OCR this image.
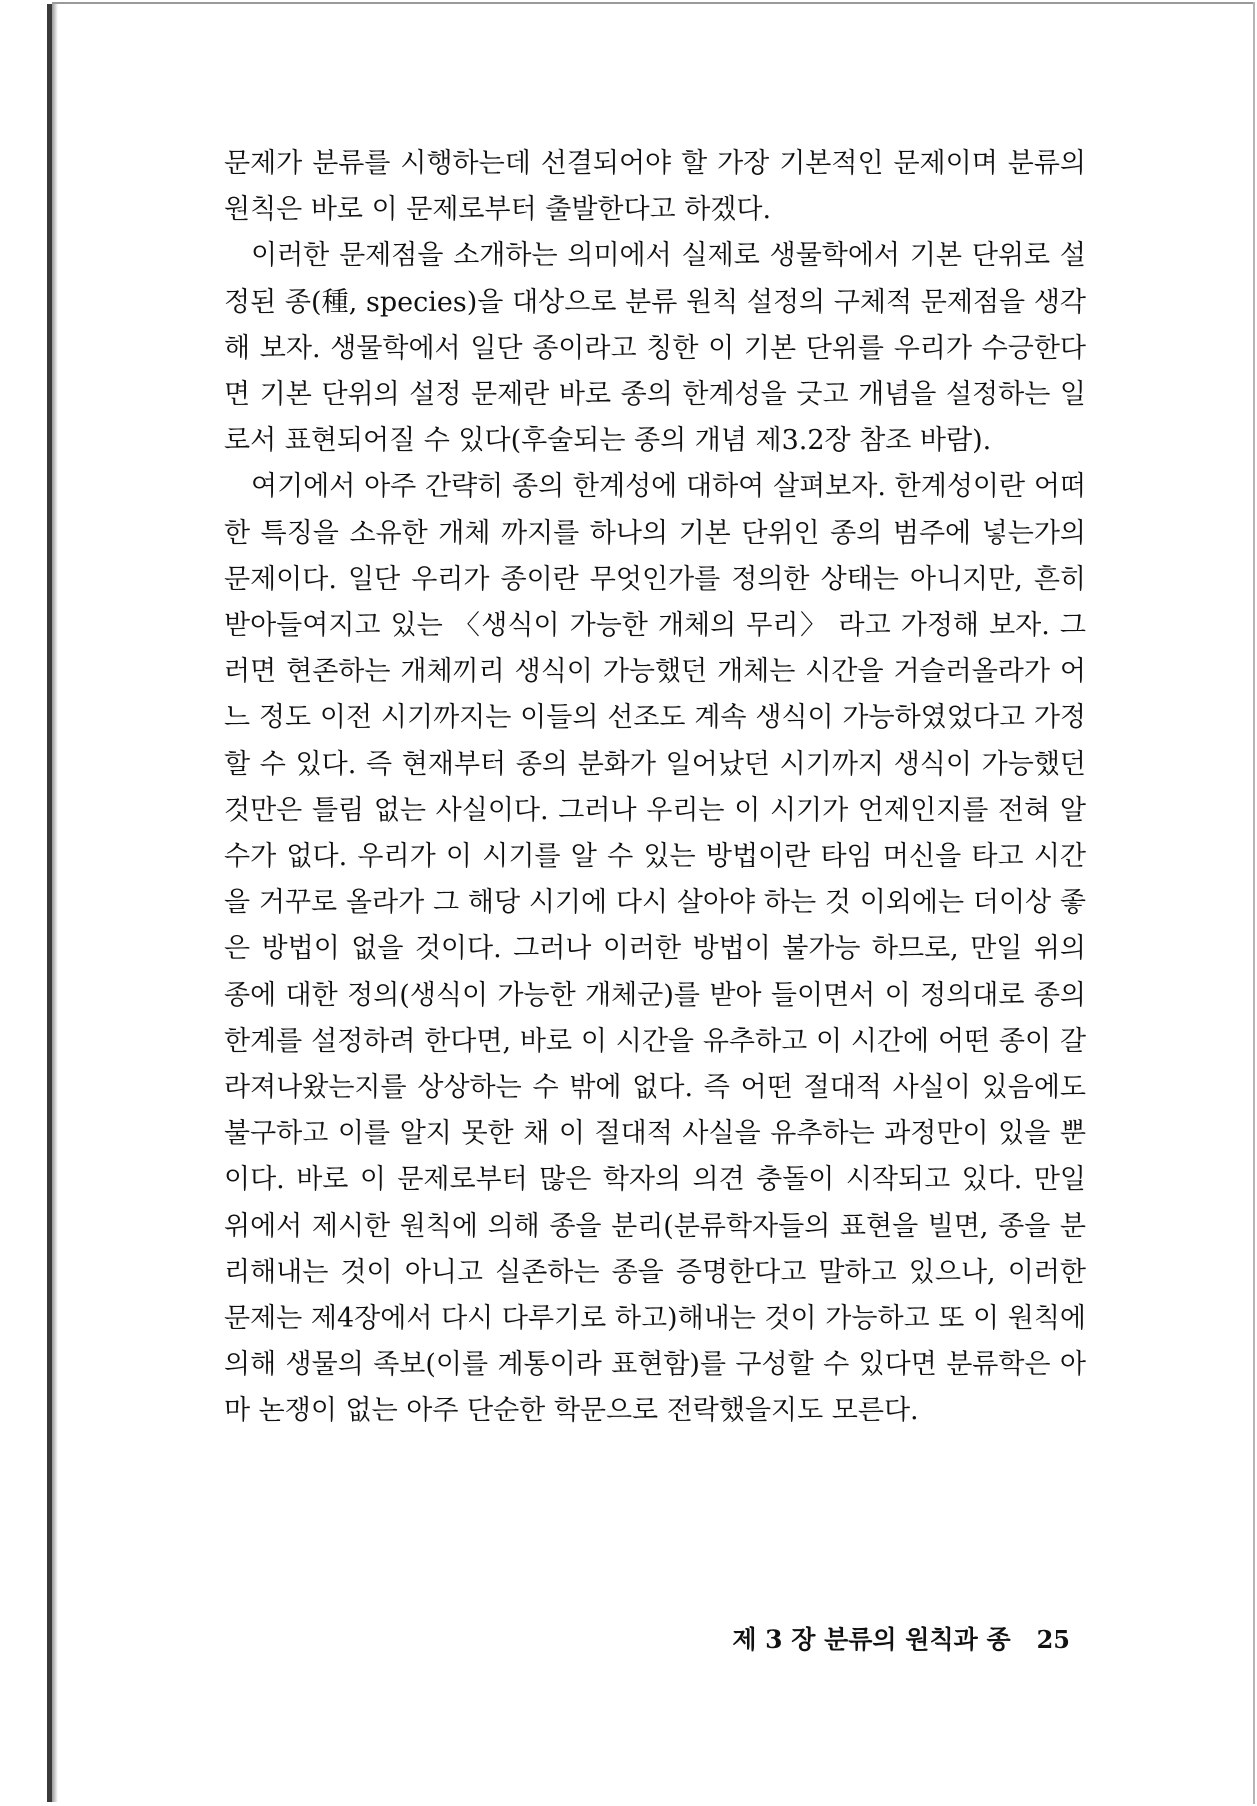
문제가 분류를 시행하는데 선결되어야 할 가장 기본적인 문제이며 분류의 원칙은 바로 이 문제로부터 출발한다고 하겠다.

이러한 문제점을 소개하는 의미에서 실제로 생물학에서 기본 단위로 설정된 종(種, species)을 대상으로 분류 원칙 설정의 구체적 문제점을 생각해 보자. 생물학에서 일단 종이라고 칭한 이 기본 단위를 우리가 수긍한다면 기본 단위의 설정 문제란 바로 종의 한계성을 긋고 개념을 설정하는 일로서 표현되어질 수 있다(후술되는 종의 개념 제3.2장 참조 바람).

여기에서 아주 간략히 종의 한계성에 대하여 살펴보자. 한계성이란 어떠한 특징을 소유한 개체 까지를 하나의 기본 단위인 종의 범주에 넣는가의 문제이다. 일단 우리가 종이란 무엇인가를 정의한 상태는 아니지만, 흔히 받아들여지고 있는 〈생식이 가능한 개체의 무리〉 라고 가정해 보자. 그러면 현존하는 개체끼리 생식이 가능했던 개체는 시간을 거슬러올라가 어느 정도 이전 시기까지는 이들의 선조도 계속 생식이 가능하였었다고 가정할 수 있다. 즉 현재부터 종의 분화가 일어났던 시기까지 생식이 가능했던 것만은 틀림 없는 사실이다. 그러나 우리는 이 시기가 언제인지를 전혀 알 수가 없다. 우리가 이 시기를 알 수 있는 방법이란 타임 머신을 타고 시간을 거꾸로 올라가 그 해당 시기에 다시 살아야 하는 것 이외에는 더이상 좋은 방법이 없을 것이다. 그러나 이러한 방법이 불가능 하므로, 만일 위의 종에 대한 정의(생식이 가능한 개체군)를 받아 들이면서 이 정의대로 종의 한계를 설정하려 한다면, 바로 이 시간을 유추하고 이 시간에 어떤 종이 갈라져나왔는지를 상상하는 수 밖에 없다. 즉 어떤 절대적 사실이 있음에도 불구하고 이를 알지 못한 채 이 절대적 사실을 유추하는 과정만이 있을 뿐이다. 바로 이 문제로부터 많은 학자의 의견 충돌이 시작되고 있다. 만일 위에서 제시한 원칙에 의해 종을 분리(분류학자들의 표현을 빌면, 종을 분리해내는 것이 아니고 실존하는 종을 증명한다고 말하고 있으나, 이러한 문제는 제4장에서 다시 다루기로 하고)해내는 것이 가능하고 또 이 원칙에 의해 생물의 족보(이를 계통이라 표현함)를 구성할 수 있다면 분류학은 아마 논쟁이 없는 아주 단순한 학문으로 전락했을지도 모른다.

제 3 장 분류의 원칙과 종 25
